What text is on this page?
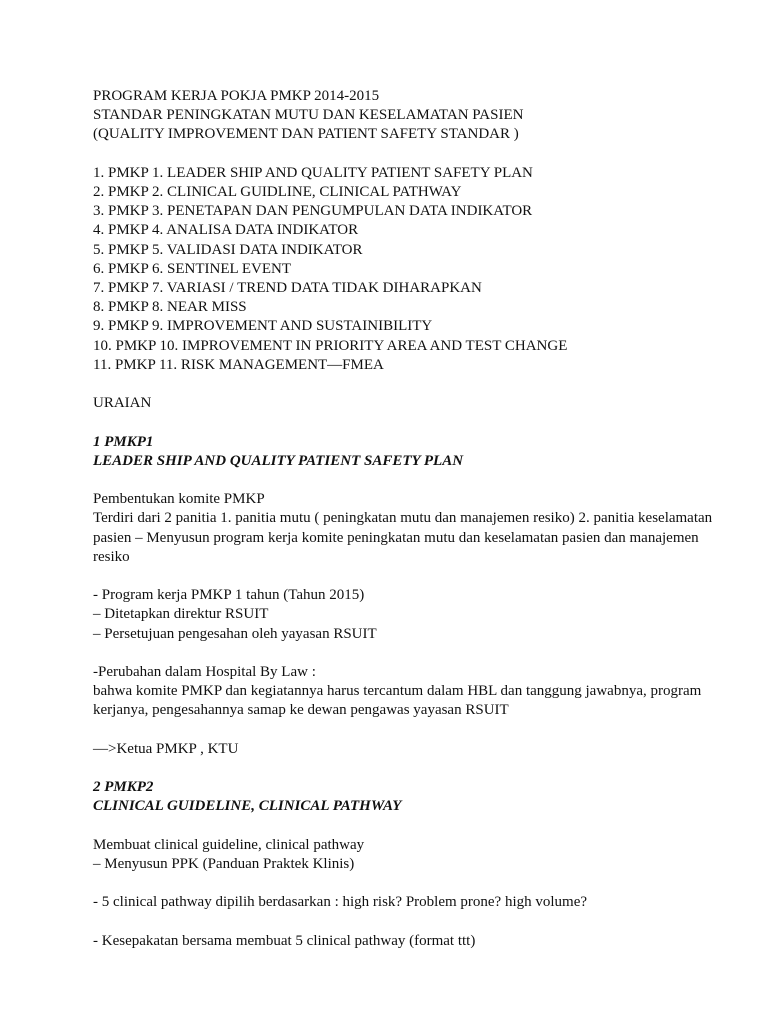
PROGRAM KERJA POKJA PMKP 2014-2015
STANDAR PENINGKATAN MUTU DAN KESELAMATAN PASIEN
(QUALITY IMPROVEMENT DAN PATIENT SAFETY STANDAR )
1. PMKP 1. LEADER SHIP AND QUALITY PATIENT SAFETY PLAN
2. PMKP 2. CLINICAL GUIDLINE, CLINICAL PATHWAY
3. PMKP 3. PENETAPAN DAN PENGUMPULAN DATA INDIKATOR
4. PMKP 4. ANALISA DATA INDIKATOR
5. PMKP 5. VALIDASI DATA INDIKATOR
6. PMKP 6. SENTINEL EVENT
7. PMKP 7. VARIASI / TREND DATA TIDAK DIHARAPKAN
8. PMKP 8. NEAR MISS
9. PMKP 9. IMPROVEMENT AND SUSTAINIBILITY
10. PMKP 10. IMPROVEMENT IN PRIORITY AREA AND TEST CHANGE
11. PMKP 11. RISK MANAGEMENT—FMEA
URAIAN
1 PMKP1
LEADER SHIP AND QUALITY PATIENT SAFETY PLAN
Pembentukan komite PMKP

Terdiri dari 2 panitia 1. panitia mutu ( peningkatan mutu dan manajemen resiko) 2. panitia keselamatan pasien – Menyusun program kerja komite peningkatan mutu dan keselamatan pasien dan manajemen resiko

- Program kerja PMKP 1 tahun (Tahun 2015)
– Ditetapkan direktur RSUIT
– Persetujuan pengesahan oleh yayasan RSUIT
-Perubahan dalam Hospital By Law :

bahwa komite PMKP dan kegiatannya harus tercantum dalam HBL dan tanggung jawabnya, program kerjanya, pengesahannya samap ke dewan pengawas yayasan RSUIT

—>Ketua PMKP , KTU
2 PMKP2
CLINICAL GUIDELINE, CLINICAL PATHWAY
Membuat clinical guideline, clinical pathway
– Menyusun PPK (Panduan Praktek Klinis)
- 5 clinical pathway dipilih berdasarkan : high risk? Problem prone? high volume?
- Kesepakatan bersama membuat 5 clinical pathway (format ttt)
